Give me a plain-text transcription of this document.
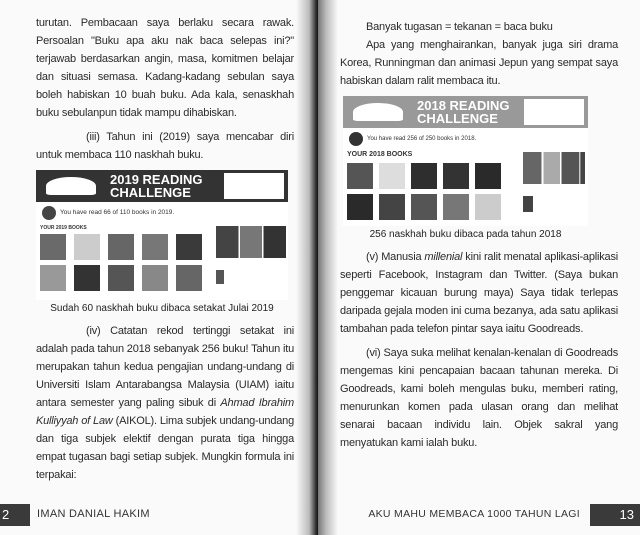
turutan. Pembacaan saya berlaku secara rawak. Persoalan "Buku apa aku nak baca selepas ini?" terjawab berdasarkan angin, masa, komitmen belajar dan situasi semasa. Kadang-kadang sebulan saya boleh habiskan 10 buah buku. Ada kala, senaskhah buku sebulanpun tidak mampu dihabiskan.
(iii) Tahun ini (2019) saya mencabar diri untuk membaca 110 naskhah buku.
2019 READING CHALLENGE
You have read 66 of 110 books in 2019.
YOUR 2019 BOOKS
Sudah 60 naskhah buku dibaca setakat Julai 2019
(iv) Catatan rekod tertinggi setakat ini adalah pada tahun 2018 sebanyak 256 buku! Tahun itu merupakan tahun kedua pengajian undang-undang di Universiti Islam Antarabangsa Malaysia (UIAM) iaitu antara semester yang paling sibuk di Ahmad Ibrahim Kulliyyah of Law (AIKOL). Lima subjek undang-undang dan tiga subjek elektif dengan purata tiga hingga empat tugasan bagi setiap subjek. Mungkin formula ini terpakai:
2	IMAN DANIAL HAKIM
Banyak tugasan = tekanan = baca buku
Apa yang menghairankan, banyak juga siri drama Korea, Runningman dan animasi Jepun yang sempat saya habiskan dalam ralit membaca itu.
2018 READING CHALLENGE
You have read 256 of 250 books in 2018.
YOUR 2018 BOOKS
256 naskhah buku dibaca pada tahun 2018
(v) Manusia millenial kini ralit menatal aplikasi-aplikasi seperti Facebook, Instagram dan Twitter. (Saya bukan penggemar kicauan burung maya) Saya tidak terlepas daripada gejala moden ini cuma bezanya, ada satu aplikasi tambahan pada telefon pintar saya iaitu Goodreads.
(vi) Saya suka melihat kenalan-kenalan di Goodreads mengemas kini pencapaian bacaan tahunan mereka. Di Goodreads, kami boleh mengulas buku, memberi rating, menurunkan komen pada ulasan orang dan melihat senarai bacaan individu lain. Objek sakral yang menyatukan kami ialah buku.
AKU MAHU MEMBACA 1000 TAHUN LAGI	13
